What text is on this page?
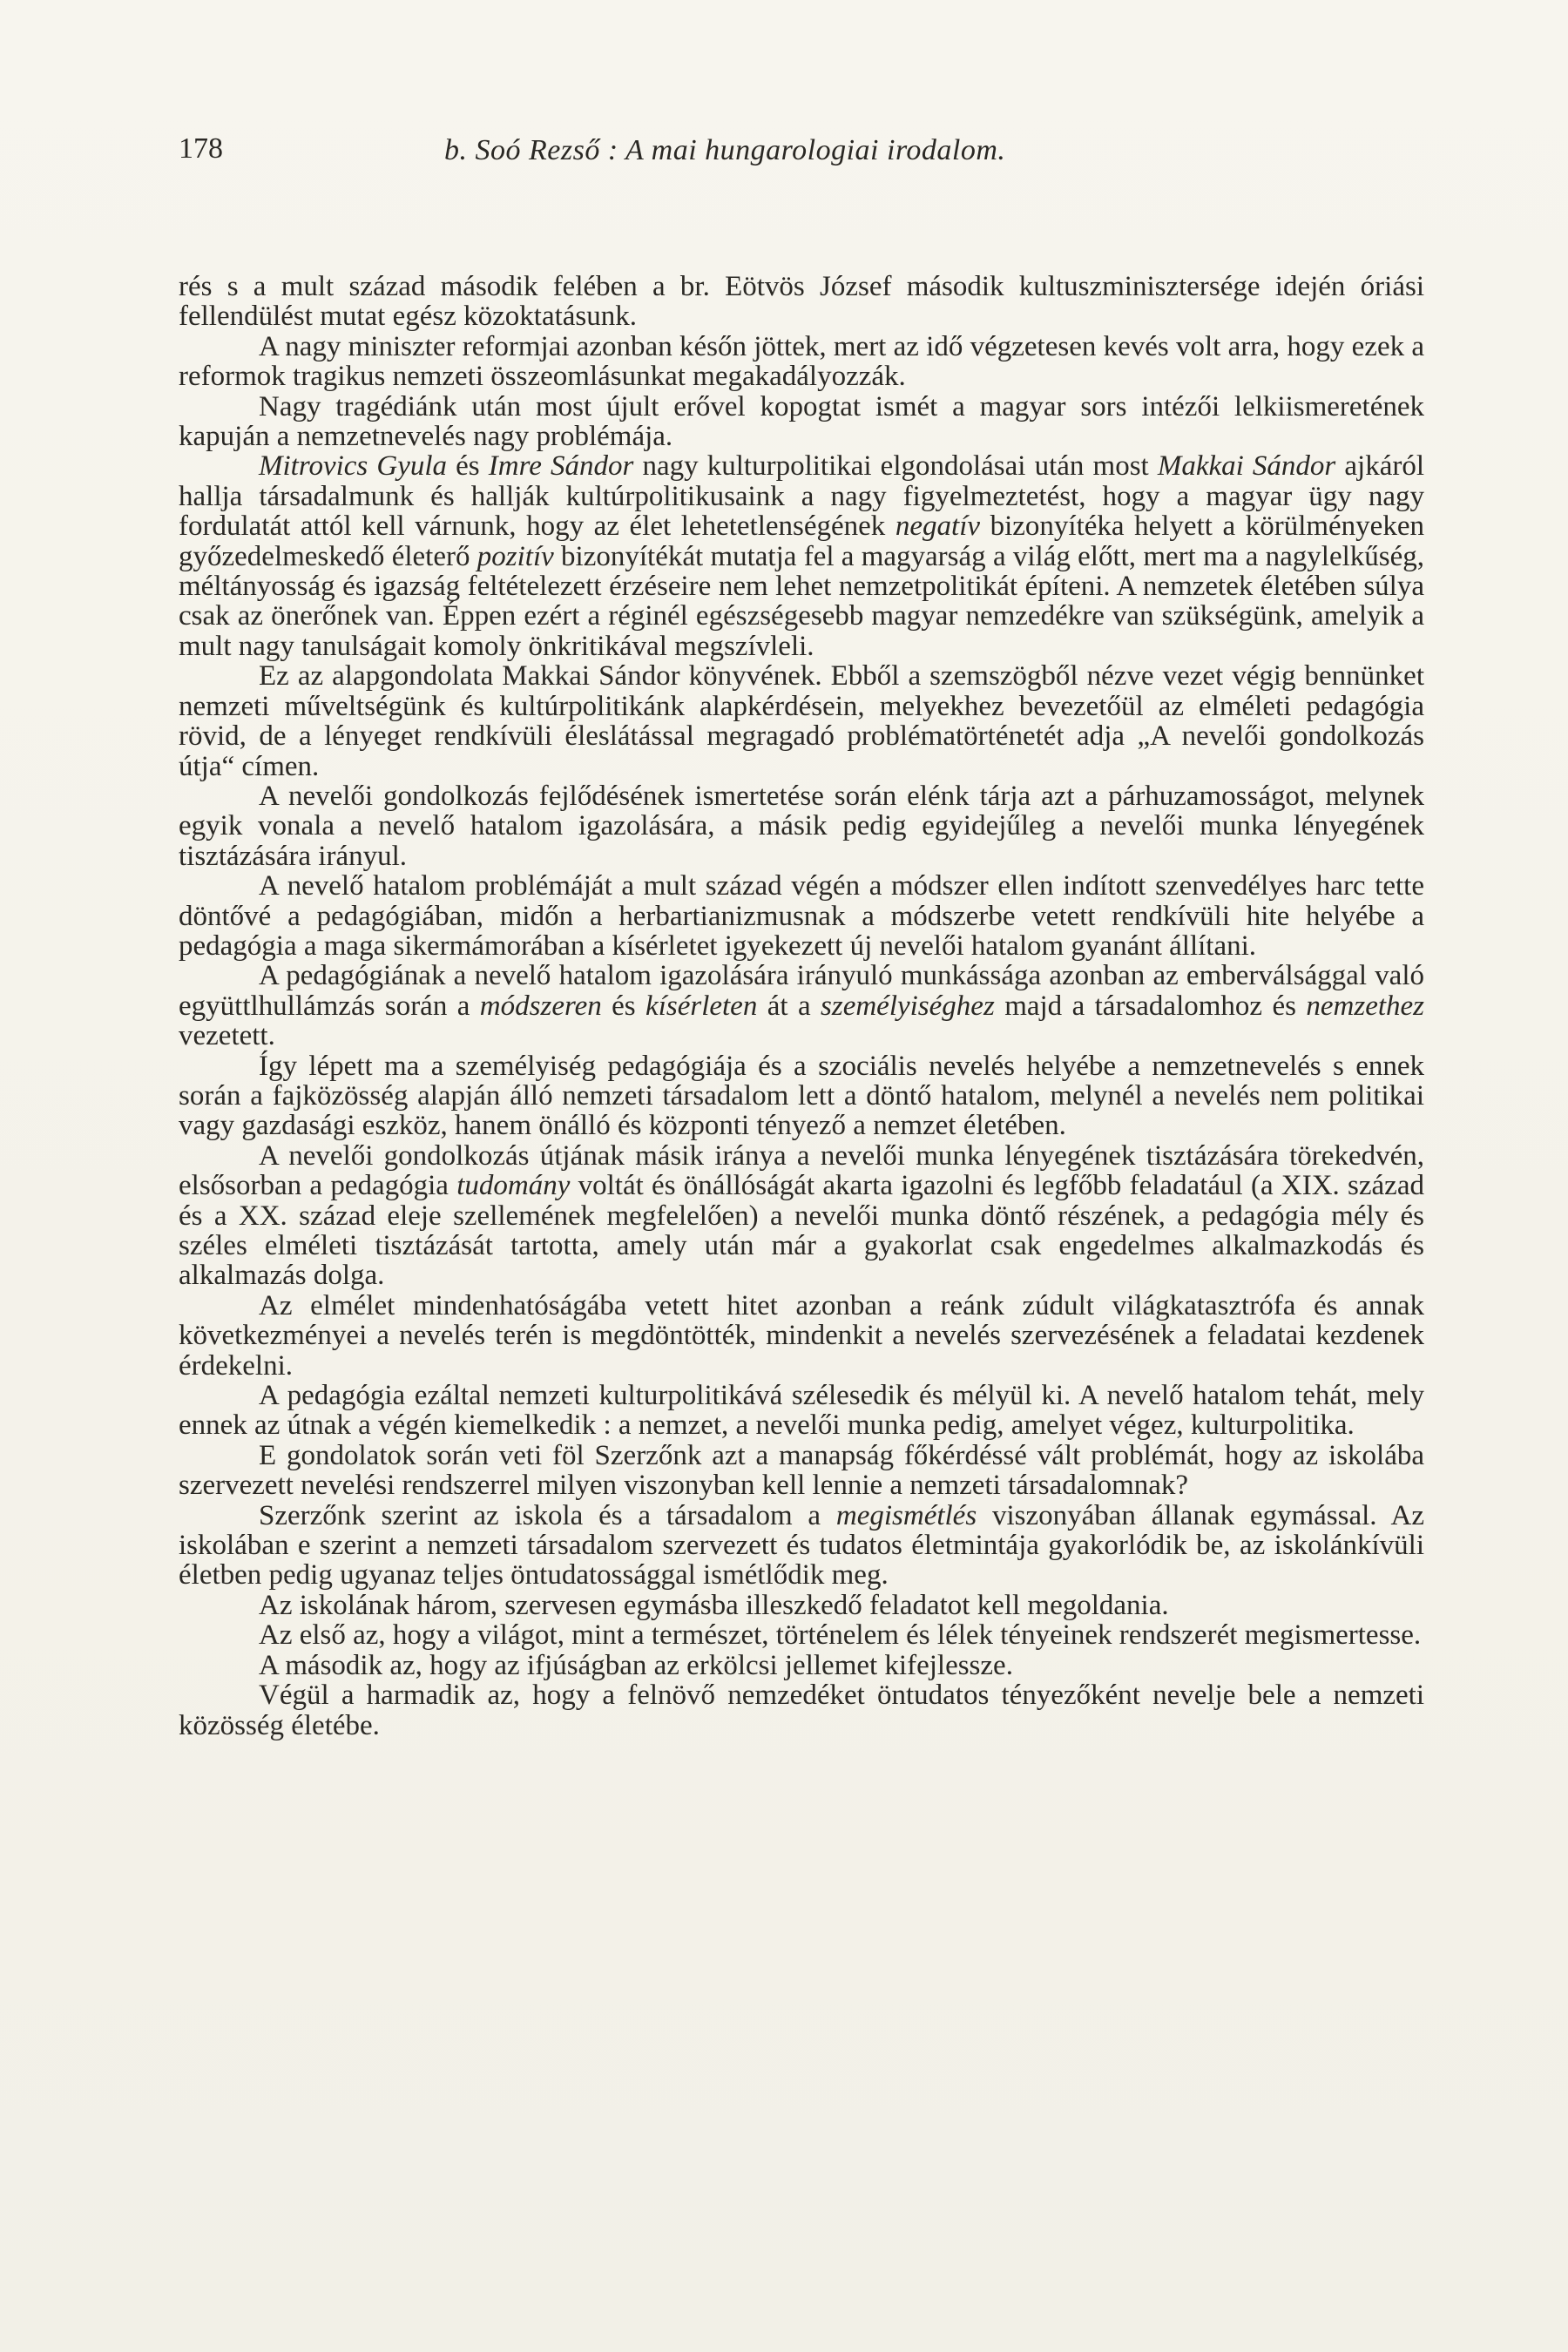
178	b. Soó Rezső : A mai hungarologiai irodalom.

rés s a mult század második felében a br. Eötvös József második kultuszminisztersége idején óriási fellendülést mutat egész közoktatásunk.

A nagy miniszter reformjai azonban későn jöttek, mert az idő végzetesen kevés volt arra, hogy ezek a reformok tragikus nemzeti összeomlásunkat megakadályozzák.

Nagy tragédiánk után most újult erővel kopogtat ismét a magyar sors intézői lelkiismeretének kapuján a nemzetnevelés nagy problémája.

Mitrovics Gyula és Imre Sándor nagy kulturpolitikai elgondolásai után most Makkai Sándor ajkáról hallja társadalmunk és hallják kultúrpolitikusaink a nagy figyelmeztetést, hogy a magyar ügy nagy fordulatát attól kell várnunk, hogy az élet lehetetlenségének negatív bizonyítéka helyett a körülményeken győzedelmeskedő életerő pozitív bizonyítékát mutatja fel a magyarság a világ előtt, mert ma a nagylelkűség, méltányosság és igazság feltételezett érzéseire nem lehet nemzetpolitikát építeni. A nemzetek életében súlya csak az önerőnek van. Éppen ezért a réginél egészségesebb magyar nemzedékre van szükségünk, amelyik a mult nagy tanulságait komoly önkritikával megszívleli.

Ez az alapgondolata Makkai Sándor könyvének. Ebből a szemszögből nézve vezet végig bennünket nemzeti műveltségünk és kultúrpolitikánk alapkérdésein, melyekhez bevezetőül az elméleti pedagógia rövid, de a lényeget rendkívüli éleslátással megragadó problématörténetét adja „A nevelői gondolkozás útja“ címen.

A nevelői gondolkozás fejlődésének ismertetése során elénk tárja azt a párhuzamosságot, melynek egyik vonala a nevelő hatalom igazolására, a másik pedig egyidejűleg a nevelői munka lényegének tisztázására irányul.

A nevelő hatalom problémáját a mult század végén a módszer ellen indított szenvedélyes harc tette döntővé a pedagógiában, midőn a herbartianizmusnak a módszerbe vetett rendkívüli hite helyébe a pedagógia a maga sikermámorában a kísérletet igyekezett új nevelői hatalom gyanánt állítani.

A pedagógiának a nevelő hatalom igazolására irányuló munkássága azonban az emberválsággal való együttlhullámzás során a módszeren és kísérleten át a személyiséghez majd a társadalomhoz és nemzethez vezetett.

Így lépett ma a személyiség pedagógiája és a szociális nevelés helyébe a nemzetnevelés s ennek során a fajközösség alapján álló nemzeti társadalom lett a döntő hatalom, melynél a nevelés nem politikai vagy gazdasági eszköz, hanem önálló és központi tényező a nemzet életében.

A nevelői gondolkozás útjának másik iránya a nevelői munka lényegének tisztázására törekedvén, elsősorban a pedagógia tudomány voltát és önállóságát akarta igazolni és legfőbb feladatául (a XIX. század és a XX. század eleje szellemének megfelelően) a nevelői munka döntő részének, a pedagógia mély és széles elméleti tisztázását tartotta, amely után már a gyakorlat csak engedelmes alkalmazkodás és alkalmazás dolga.

Az elmélet mindenhatóságába vetett hitet azonban a reánk zúdult világkatasztrófa és annak következményei a nevelés terén is megdöntötték, mindenkit a nevelés szervezésének a feladatai kezdenek érdekelni.

A pedagógia ezáltal nemzeti kulturpolitikává szélesedik és mélyül ki. A nevelő hatalom tehát, mely ennek az útnak a végén kiemelkedik : a nemzet, a nevelői munka pedig, amelyet végez, kulturpolitika.

E gondolatok során veti föl Szerzőnk azt a manapság főkérdéssé vált problémát, hogy az iskolába szervezett nevelési rendszerrel milyen viszonyban kell lennie a nemzeti társadalomnak?

Szerzőnk szerint az iskola és a társadalom a megismétlés viszonyában állanak egymással. Az iskolában e szerint a nemzeti társadalom szervezett és tudatos életmintája gyakorlódik be, az iskolánkívüli életben pedig ugyanaz teljes öntudatossággal ismétlődik meg.

Az iskolának három, szervesen egymásba illeszkedő feladatot kell megoldania.

Az első az, hogy a világot, mint a természet, történelem és lélek tényeinek rendszerét megismertesse.

A második az, hogy az ifjúságban az erkölcsi jellemet kifejlessze.

Végül a harmadik az, hogy a felnövő nemzedéket öntudatos tényezőként nevelje bele a nemzeti közösség életébe.
